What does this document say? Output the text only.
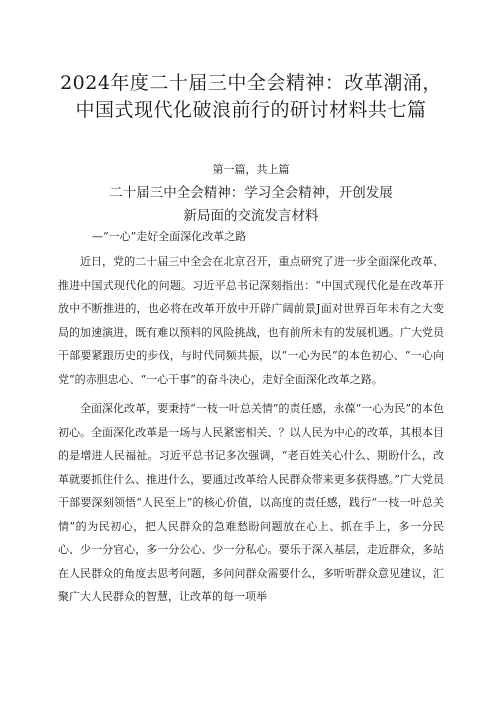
2024年度二十届三中全会精神：改革潮涌，
中国式现代化破浪前行的研讨材料共七篇
第一篇，共上篇
二十届三中全会精神：学习全会精神，开创发展
新局面的交流发言材料
—“一心”走好全面深化改革之路

近日，党的二十届三中全会在北京召开，重点研究了进一步全面深化改革、推进中国式现代化的问题。习近平总书记深刻指出：“中国式现代化是在改革开放中不断推进的，也必将在改革开放中开辟广阔前景J面对世界百年未有之大变局的加速演进，既有难以预料的风险挑战，也有前所未有的发展机遇。广大党员干部要紧跟历史的步伐，与时代同频共振，以“一心为民”的本色初心、“一心向党”的赤胆忠心、“一心干事”的奋斗决心，走好全面深化改革之路。

全面深化改革，要秉持“一枝一叶总关情”的责任感，永葆“一心为民”的本色初心。全面深化改革是一场与人民紧密相关、？以人民为中心的改革，其根本目的是增进人民福祉。习近平总书记多次强调，“老百姓关心什么、期盼什么，改革就要抓住什么、推进什么，要通过改革给人民群众带来更多获得感。”广大党员干部要深刻领悟“人民至上”的核心价值，以高度的责任感，践行“一枝一叶总关情”的为民初心，把人民群众的急难愁盼问题放在心上、抓在手上，多一分民心、少一分官心，多一分公心、少一分私心。要乐于深入基层，走近群众，多站在人民群众的角度去思考问题，多问问群众需要什么，多听听群众意见建议，汇聚广大人民群众的智慧，让改革的每一项举
